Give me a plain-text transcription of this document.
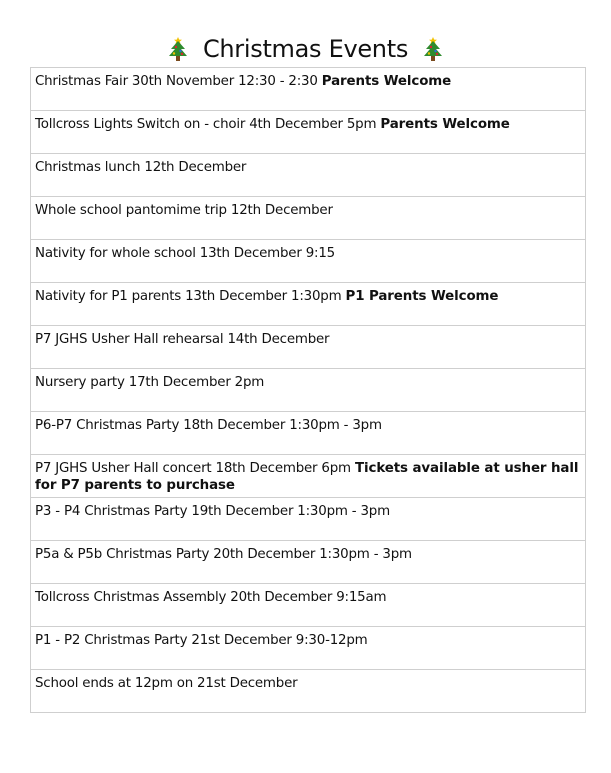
Christmas Events
Christmas Fair 30th November 12:30 - 2:30 Parents Welcome

Tollcross Lights Switch on - choir 4th December 5pm Parents Welcome

Christmas lunch 12th December

Whole school pantomime trip 12th December

Nativity for whole school 13th December 9:15

Nativity for P1 parents 13th December 1:30pm P1 Parents Welcome

P7 JGHS Usher Hall rehearsal 14th December

Nursery party 17th December 2pm

P6-P7 Christmas Party 18th December 1:30pm - 3pm

P7 JGHS Usher Hall concert 18th December 6pm Tickets available at usher hall for P7 parents to purchase

P3 - P4 Christmas Party 19th December 1:30pm - 3pm

P5a & P5b Christmas Party 20th December 1:30pm - 3pm

Tollcross Christmas Assembly 20th December 9:15am

P1 - P2 Christmas Party 21st December 9:30-12pm

School ends at 12pm on 21st December
